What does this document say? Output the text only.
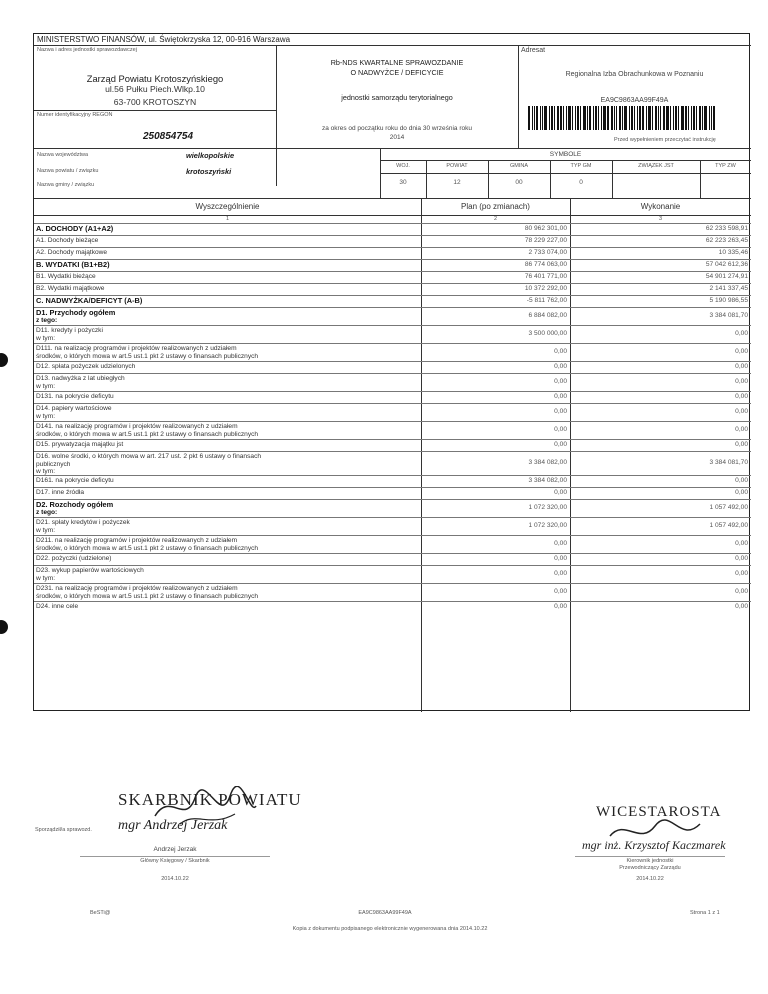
MINISTERSTWO FINANSÓW, ul. Świętokrzyska 12, 00-916 Warszawa
Nazwa i adres jednostki sprawozdawczej
Zarząd Powiatu Krotoszyńskiego
ul.56 Pułku Piech.Wlkp.10
63-700 KROTOSZYN
Numer identyfikacyjny REGON
250854754
Rb-NDS KWARTALNE SPRAWOZDANIE
O NADWYŻCE / DEFICYCIE
jednostki samorządu terytorialnego
za okres od początku roku do dnia 30 września roku
2014
Adresat
Regionalna Izba Obrachunkowa w Poznaniu
EA9C9863AA99F49A
Przed wypełnieniem przeczytać instrukcję
Nazwa województwa	wielkopolskie
Nazwa powiatu / związku	krotoszyński
Nazwa gminy / związku
SYMBOLE
WOJ.
30
POWIAT
12
GMINA
00
TYP GM
0
ZWIĄZEK JST	TYP ZW
Wyszczególnienie	Plan (po zmianach)	Wykonanie
1	2	3
A. DOCHODY (A1+A2)	80 962 301,00	62 233 598,91
A1. Dochody bieżące	78 229 227,00	62 223 263,45
A2. Dochody majątkowe	2 733 074,00	10 335,46
B. WYDATKI (B1+B2)	86 774 063,00	57 042 612,36
B1. Wydatki bieżące	76 401 771,00	54 901 274,91
B2. Wydatki majątkowe	10 372 292,00	2 141 337,45
C. NADWYŻKA/DEFICYT (A-B)	-5 811 762,00	5 190 986,55
D1. Przychody ogółem
z tego:
6 884 082,00	3 384 081,70
D11. kredyty i pożyczki
w tym:
3 500 000,00	0,00
D111. na realizację programów i projektów realizowanych z udziałem
środków, o których mowa w art.5 ust.1 pkt 2 ustawy o finansach publicznych
0,00	0,00
D12. spłata pożyczek udzielonych	0,00	0,00
D13. nadwyżka z lat ubiegłych
w tym:
0,00	0,00
D131. na pokrycie deficytu	0,00	0,00
D14. papiery wartościowe
w tym:
0,00	0,00
D141. na realizację programów i projektów realizowanych z udziałem
środków, o których mowa w art.5 ust.1 pkt 2 ustawy o finansach publicznych
0,00	0,00
D15. prywatyzacja majątku jst	0,00	0,00
D16. wolne środki, o których mowa w art. 217 ust. 2 pkt 6 ustawy o finansach
publicznych
w tym:
3 384 082,00	3 384 081,70
D161. na pokrycie deficytu	3 384 082,00	0,00
D17. inne źródła	0,00	0,00
D2. Rozchody ogółem
z tego:
1 072 320,00	1 057 492,00
D21. spłaty kredytów i pożyczek
w tym:
1 072 320,00	1 057 492,00
D211. na realizację programów i projektów realizowanych z udziałem
środków, o których mowa w art.5 ust.1 pkt 2 ustawy o finansach publicznych
0,00	0,00
D22. pożyczki (udzielone)	0,00	0,00
D23. wykup papierów wartościowych
w tym:
0,00	0,00
D231. na realizację programów i projektów realizowanych z udziałem
środków, o których mowa w art.5 ust.1 pkt 2 ustawy o finansach publicznych
0,00	0,00
D24. inne cele	0,00	0,00
SKARBNIK POWIATU
mgr Andrzej Jerzak
Sporządził/a sprawozd.
Andrzej Jerzak
Główny Księgowy / Skarbnik
2014.10.22
WICESTAROSTA
mgr inż. Krzysztof Kaczmarek
Kierownik jednostki
Przewodniczący Zarządu
2014.10.22
BeSTi@	EA9C9863AA99F49A	Strona 1 z 1
Kopia z dokumentu podpisanego elektronicznie wygenerowana dnia 2014.10.22
